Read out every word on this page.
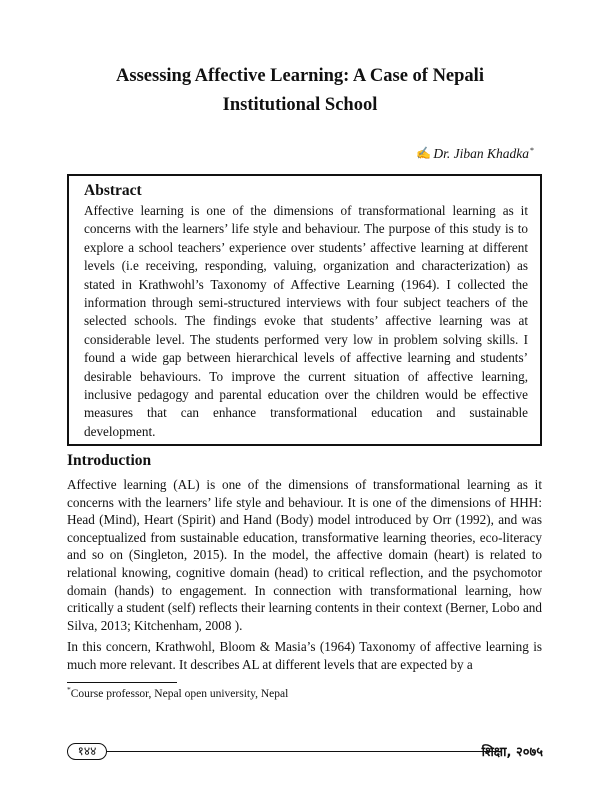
Assessing Affective Learning: A Case of Nepali
Institutional School
✍ Dr. Jiban Khadka*
Abstract

Affective learning is one of the dimensions of transformational learning as it concerns with the learners’ life style and behaviour. The purpose of this study is to explore a school teachers’ experience over students’ affective learning at different levels (i.e receiving, responding, valuing, organization and characterization) as stated in Krathwohl’s Taxonomy of Affective Learning (1964). I collected the information through semi-structured interviews with four subject teachers of the selected schools. The findings evoke that students’ affective learning was at considerable level. The students performed very low in problem solving skills. I found a wide gap between hierarchical levels of affective learning and students’ desirable behaviours. To improve the current situation of affective learning, inclusive pedagogy and parental education over the children would be effective measures that can enhance transformational education and sustainable development.

Introduction

Affective learning (AL) is one of the dimensions of transformational learning as it concerns with the learners’ life style and behaviour. It is one of the dimensions of HHH: Head (Mind), Heart (Spirit) and Hand (Body) model introduced by Orr (1992), and was conceptualized from sustainable education, transformative learning theories, eco-literacy and so on (Singleton, 2015). In the model, the affective domain (heart) is related to relational knowing, cognitive domain (head) to critical reflection, and the psychomotor domain (hands) to engagement. In connection with transformational learning, how critically a student (self) reflects their learning contents in their context (Berner, Lobo and Silva, 2013; Kitchenham, 2008 ).

In this concern, Krathwohl, Bloom & Masia’s (1964) Taxonomy of affective learning is much more relevant. It describes AL at different levels that are expected by a

*Course professor, Nepal open university, Nepal
१४४	शिक्षा, २०७५
